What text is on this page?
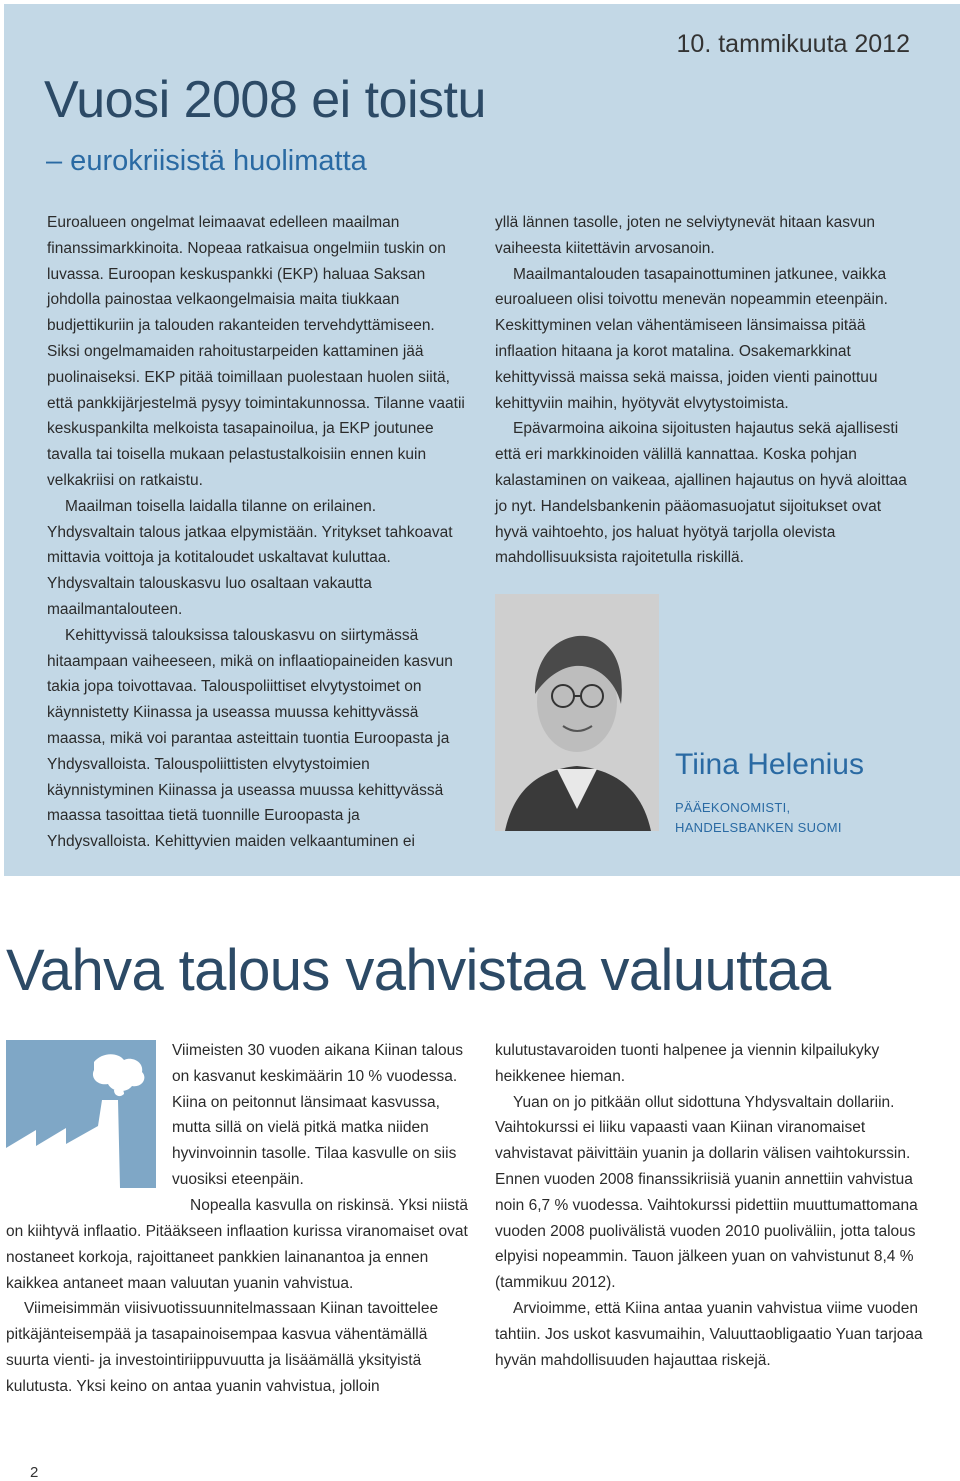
10. tammikuuta 2012
Vuosi 2008 ei toistu
– eurokriisistä huolimatta

Euroalueen ongelmat leimaavat edelleen maailman finanssimarkkinoita. Nopeaa ratkaisua ongelmiin tuskin on luvassa. Euroopan keskuspankki (EKP) haluaa Saksan johdolla painostaa velkaongelmaisia maita tiukkaan budjettikuriin ja talouden rakanteiden tervehdyttämiseen. Siksi ongelmamaiden rahoitustarpeiden kattaminen jää puolinaiseksi. EKP pitää toimillaan puolestaan huolen siitä, että pankkijärjestelmä pysyy toimintakunnossa. Tilanne vaatii keskuspankilta melkoista tasapainoilua, ja EKP joutunee tavalla tai toisella mukaan pelastustalkoisiin ennen kuin velkakriisi on ratkaistu.

Maailman toisella laidalla tilanne on erilainen. Yhdysvaltain talous jatkaa elpymistään. Yritykset tahkoavat mittavia voittoja ja kotitaloudet uskaltavat kuluttaa. Yhdysvaltain talouskasvu luo osaltaan vakautta maailmantalouteen.

Kehittyvissä talouksissa talouskasvu on siirtymässä hitaampaan vaiheeseen, mikä on inflaatiopaineiden kasvun takia jopa toivottavaa. Talouspoliittiset elvytystoimet on käynnistetty Kiinassa ja useassa muussa kehittyvässä maassa, mikä voi parantaa asteittain tuontia Euroopasta ja Yhdysvalloista. Talouspoliittisten elvytystoimien käynnistyminen Kiinassa ja useassa muussa kehittyvässä maassa tasoittaa tietä tuonnille Euroopasta ja Yhdysvalloista. Kehittyvien maiden velkaantuminen ei

yllä lännen tasolle, joten ne selviytynevät hitaan kasvun vaiheesta kiitettävin arvosanoin.

Maailmantalouden tasapainottuminen jatkunee, vaikka euroalueen olisi toivottu menevän nopeammin eteenpäin. Keskittyminen velan vähentämiseen länsimaissa pitää inflaation hitaana ja korot matalina. Osakemarkkinat kehittyvissä maissa sekä maissa, joiden vienti painottuu kehittyviin maihin, hyötyvät elvytystoimista.

Epävarmoina aikoina sijoitusten hajautus sekä ajallisesti että eri markkinoiden välillä kannattaa. Koska pohjan kalastaminen on vaikeaa, ajallinen hajautus on hyvä aloittaa jo nyt. Handelsbankenin pääomasuojatut sijoitukset ovat hyvä vaihtoehto, jos haluat hyötyä tarjolla olevista mahdollisuuksista rajoitetulla riskillä.

Tiina Helenius
PÄÄEKONOMISTI,
HANDELSBANKEN SUOMI
Vahva talous vahvistaa valuuttaa

Viimeisten 30 vuoden aikana Kiinan talous on kasvanut keskimäärin 10 % vuodessa. Kiina on peitonnut länsimaat kasvussa, mutta sillä on vielä pitkä matka niiden hyvinvoinnin tasolle. Tilaa kasvulle on siis vuosiksi eteenpäin.

Nopealla kasvulla on riskinsä. Yksi niistä

on kiihtyvä inflaatio. Pitääkseen inflaation kurissa viranomaiset ovat nostaneet korkoja, rajoittaneet pankkien lainanantoa ja ennen kaikkea antaneet maan valuutan yuanin vahvistua.

Viimeisimmän viisivuotissuunnitelmassaan Kiinan tavoittelee pitkäjänteisempää ja tasapainoisempaa kasvua vähentämällä suurta vienti- ja investointiriippuvuutta ja lisäämällä yksityistä kulutusta. Yksi keino on antaa yuanin vahvistua, jolloin

kulutustavaroiden tuonti halpenee ja viennin kilpailukyky heikkenee hieman.

Yuan on jo pitkään ollut sidottuna Yhdysvaltain dollariin. Vaihtokurssi ei liiku vapaasti vaan Kiinan viranomaiset vahvistavat päivittäin yuanin ja dollarin välisen vaihtokurssin. Ennen vuoden 2008 finanssikriisiä yuanin annettiin vahvistua noin 6,7 % vuodessa. Vaihtokurssi pidettiin muuttumattomana vuoden 2008 puolivälistä vuoden 2010 puoliväliin, jotta talous elpyisi nopeammin. Tauon jälkeen yuan on vahvistunut 8,4 % (tammikuu 2012).

Arvioimme, että Kiina antaa yuanin vahvistua viime vuoden tahtiin. Jos uskot kasvumaihin, Valuuttaobligaatio Yuan tarjoaa hyvän mahdollisuuden hajauttaa riskejä.

2
